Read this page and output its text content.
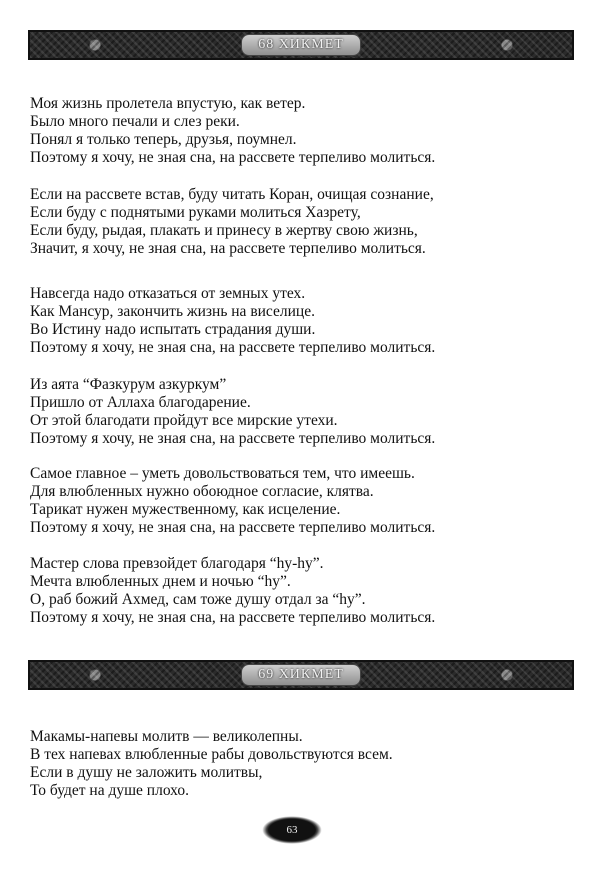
68 ХИКМЕТ
Моя жизнь пролетела впустую, как ветер.
Было много печали и слез реки.
Понял я только теперь, друзья, поумнел.
Поэтому я хочу, не зная сна, на рассвете терпеливо молиться.
Если на рассвете встав, буду читать Коран, очищая сознание,
Если буду с поднятыми руками молиться Хазрету,
Если буду, рыдая, плакать и принесу в жертву свою жизнь,
Значит, я хочу, не зная сна, на рассвете терпеливо молиться.
Навсегда надо отказаться от земных утех.
Как Мансур, закончить жизнь на виселице.
Во Истину надо испытать страдания души.
Поэтому я хочу, не зная сна, на рассвете терпеливо молиться.
Из аята “Фазкурум азкуркум”
Пришло от Аллаха благодарение.
От этой благодати пройдут все мирские утехи.
Поэтому я хочу, не зная сна, на рассвете терпеливо молиться.
Самое главное – уметь довольствоваться тем, что имеешь.
Для влюбленных нужно обоюдное согласие, клятва.
Тарикат нужен мужественному, как исцеление.
Поэтому я хочу, не зная сна, на рассвете терпеливо молиться.
Мастер слова превзойдет благодаря “hу-hу”.
Мечта влюбленных днем и ночью “hу”.
О, раб божий Ахмед, сам тоже душу отдал за “hу”.
Поэтому я хочу, не зная сна, на рассвете терпеливо молиться.
69 ХИКМЕТ
Макамы-напевы молитв — великолепны.
В тех напевах влюбленные рабы довольствуются всем.
Если в душу не заложить молитвы,
То будет на душе плохо.
63
